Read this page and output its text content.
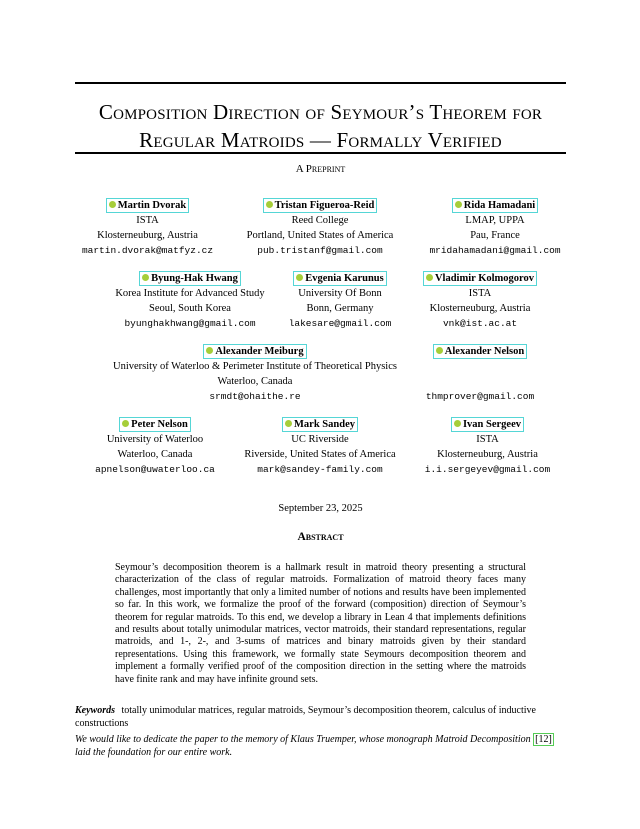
Composition Direction of Seymour’s Theorem for
Regular Matroids — Formally Verified
A Preprint
Martin Dvorak
ISTA
Klosterneuburg, Austria
martin.dvorak@matfyz.cz
Tristan Figueroa-Reid
Reed College
Portland, United States of America
pub.tristanf@gmail.com
Rida Hamadani
LMAP, UPPA
Pau, France
mridahamadani@gmail.com
Byung-Hak Hwang
Korea Institute for Advanced Study
Seoul, South Korea
byunghakhwang@gmail.com
Evgenia Karunus
University Of Bonn
Bonn, Germany
lakesare@gmail.com
Vladimir Kolmogorov
ISTA
Klosterneuburg, Austria
vnk@ist.ac.at
Alexander Meiburg
University of Waterloo & Perimeter Institute of Theoretical Physics
Waterloo, Canada
srmdt@ohaithe.re
Alexander Nelson
thmprover@gmail.com
Peter Nelson
University of Waterloo
Waterloo, Canada
apnelson@uwaterloo.ca
Mark Sandey
UC Riverside
Riverside, United States of America
mark@sandey-family.com
Ivan Sergeev
ISTA
Klosterneuburg, Austria
i.i.sergeyev@gmail.com
September 23, 2025
Abstract
Seymour’s decomposition theorem is a hallmark result in matroid theory presenting a structural characterization of the class of regular matroids. Formalization of matroid theory faces many challenges, most importantly that only a limited number of notions and results have been implemented so far. In this work, we formalize the proof of the forward (composition) direction of Seymour’s theorem for regular matroids. To this end, we develop a library in Lean 4 that implements definitions and results about totally unimodular matrices, vector matroids, their standard representations, regular matroids, and 1-, 2-, and 3-sums of matrices and binary matroids given by their standard representations. Using this framework, we formally state Seymours decomposition theorem and implement a formally verified proof of the composition direction in the setting where the matroids have finite rank and may have infinite ground sets.
Keywords totally unimodular matrices, regular matroids, Seymour’s decomposition theorem, calculus of inductive constructions
We would like to dedicate the paper to the memory of Klaus Truemper, whose monograph Matroid Decomposition [12] laid the foundation for our entire work.
